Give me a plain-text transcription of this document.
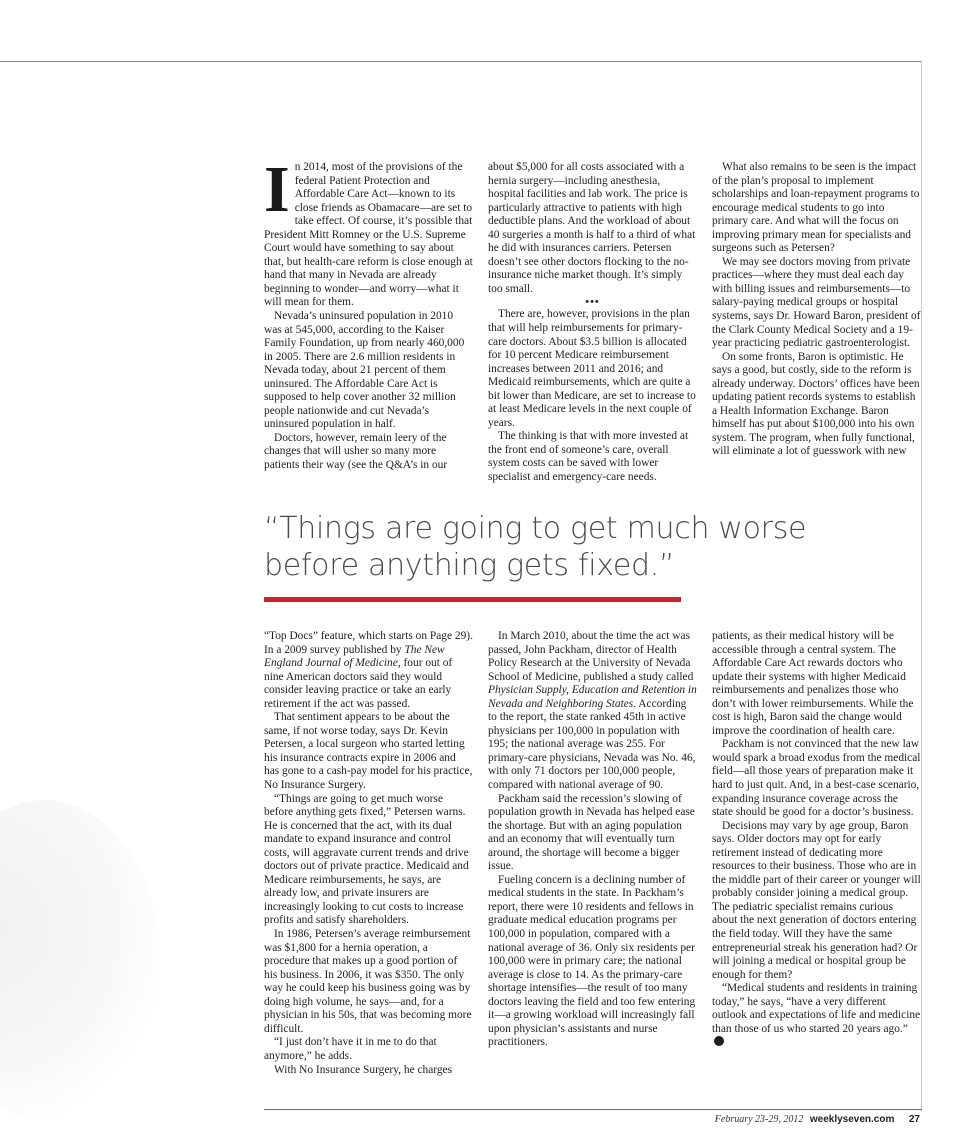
In 2014, most of the provisions of the federal Patient Protection and Affordable Care Act—known to its close friends as Obamacare—are set to take effect. Of course, it’s possible that President Mitt Romney or the U.S. Supreme Court would have something to say about that, but health-care reform is close enough at hand that many in Nevada are already beginning to wonder—and worry—what it will mean for them.

Nevada’s uninsured population in 2010 was at 545,000, according to the Kaiser Family Foundation, up from nearly 460,000 in 2005. There are 2.6 million residents in Nevada today, about 21 percent of them uninsured. The Affordable Care Act is supposed to help cover another 32 million people nationwide and cut Nevada’s uninsured population in half.

Doctors, however, remain leery of the changes that will usher so many more patients their way (see the Q&A’s in our

about $5,000 for all costs associated with a hernia surgery—including anesthesia, hospital facilities and lab work. The price is particularly attractive to patients with high deductible plans. And the workload of about 40 surgeries a month is half to a third of what he did with insurances carriers. Petersen doesn’t see other doctors flocking to the no-insurance niche market though. It’s simply too small.

•••

There are, however, provisions in the plan that will help reimbursements for primary-care doctors. About $3.5 billion is allocated for 10 percent Medicare reimbursement increases between 2011 and 2016; and Medicaid reimbursements, which are quite a bit lower than Medicare, are set to increase to at least Medicare levels in the next couple of years.

The thinking is that with more invested at the front end of someone’s care, overall system costs can be saved with lower specialist and emergency-care needs.

What also remains to be seen is the impact of the plan’s proposal to implement scholarships and loan-repayment programs to encourage medical students to go into primary care. And what will the focus on improving primary mean for specialists and surgeons such as Petersen?

We may see doctors moving from private practices—where they must deal each day with billing issues and reimbursements—to salary-paying medical groups or hospital systems, says Dr. Howard Baron, president of the Clark County Medical Society and a 19-year practicing pediatric gastroenterologist.

On some fronts, Baron is optimistic. He says a good, but costly, side to the reform is already underway. Doctors’ offices have been updating patient records systems to establish a Health Information Exchange. Baron himself has put about $100,000 into his own system. The program, when fully functional, will eliminate a lot of guesswork with new

“Things are going to get much worse before anything gets fixed.”

“Top Docs” feature, which starts on Page 29). In a 2009 survey published by The New England Journal of Medicine, four out of nine American doctors said they would consider leaving practice or take an early retirement if the act was passed.

That sentiment appears to be about the same, if not worse today, says Dr. Kevin Petersen, a local surgeon who started letting his insurance contracts expire in 2006 and has gone to a cash-pay model for his practice, No Insurance Surgery.

“Things are going to get much worse before anything gets fixed,” Petersen warns. He is concerned that the act, with its dual mandate to expand insurance and control costs, will aggravate current trends and drive doctors out of private practice. Medicaid and Medicare reimbursements, he says, are already low, and private insurers are increasingly looking to cut costs to increase profits and satisfy shareholders.

In 1986, Petersen’s average reimbursement was $1,800 for a hernia operation, a procedure that makes up a good portion of his business. In 2006, it was $350. The only way he could keep his business going was by doing high volume, he says—and, for a physician in his 50s, that was becoming more difficult.

“I just don’t have it in me to do that anymore,” he adds.

With No Insurance Surgery, he charges

In March 2010, about the time the act was passed, John Packham, director of Health Policy Research at the University of Nevada School of Medicine, published a study called Physician Supply, Education and Retention in Nevada and Neighboring States. According to the report, the state ranked 45th in active physicians per 100,000 in population with 195; the national average was 255. For primary-care physicians, Nevada was No. 46, with only 71 doctors per 100,000 people, compared with national average of 90.

Packham said the recession’s slowing of population growth in Nevada has helped ease the shortage. But with an aging population and an economy that will eventually turn around, the shortage will become a bigger issue.

Fueling concern is a declining number of medical students in the state. In Packham’s report, there were 10 residents and fellows in graduate medical education programs per 100,000 in population, compared with a national average of 36. Only six residents per 100,000 were in primary care; the national average is close to 14. As the primary-care shortage intensifies—the result of too many doctors leaving the field and too few entering it—a growing workload will increasingly fall upon physician’s assistants and nurse practitioners.

patients, as their medical history will be accessible through a central system. The Affordable Care Act rewards doctors who update their systems with higher Medicaid reimbursements and penalizes those who don’t with lower reimbursements. While the cost is high, Baron said the change would improve the coordination of health care.

Packham is not convinced that the new law would spark a broad exodus from the medical field—all those years of preparation make it hard to just quit. And, in a best-case scenario, expanding insurance coverage across the state should be good for a doctor’s business.

Decisions may vary by age group, Baron says. Older doctors may opt for early retirement instead of dedicating more resources to their business. Those who are in the middle part of their career or younger will probably consider joining a medical group. The pediatric specialist remains curious about the next generation of doctors entering the field today. Will they have the same entrepreneurial streak his generation had? Or will joining a medical or hospital group be enough for them?

“Medical students and residents in training today,” he says, “have a very different outlook and expectations of life and medicine than those of us who started 20 years ago.” 7

February 23-29, 2012 weeklyseven.com 27
